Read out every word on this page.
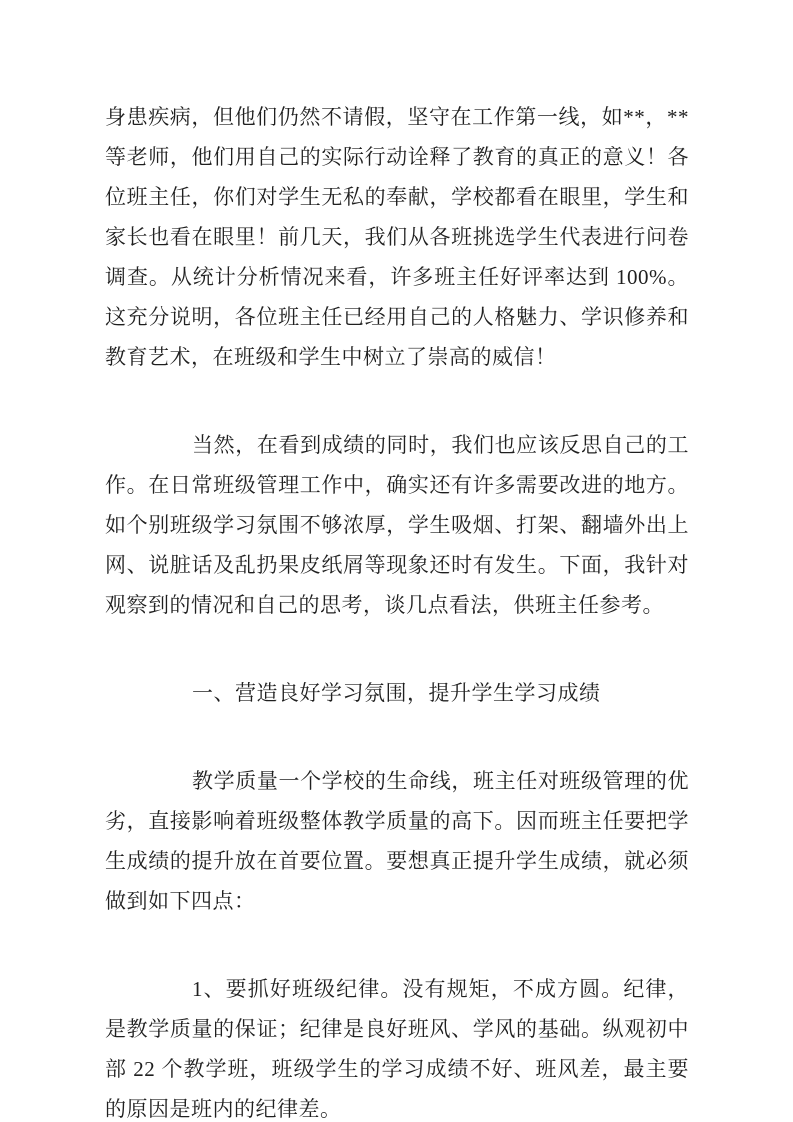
身患疾病，但他们仍然不请假，坚守在工作第一线，如**，**等老师，他们用自己的实际行动诠释了教育的真正的意义！各位班主任，你们对学生无私的奉献，学校都看在眼里，学生和家长也看在眼里！前几天，我们从各班挑选学生代表进行问卷调查。从统计分析情况来看，许多班主任好评率达到 100%。这充分说明，各位班主任已经用自己的人格魅力、学识修养和教育艺术，在班级和学生中树立了崇高的威信！

当然，在看到成绩的同时，我们也应该反思自己的工作。在日常班级管理工作中，确实还有许多需要改进的地方。如个别班级学习氛围不够浓厚，学生吸烟、打架、翻墙外出上网、说脏话及乱扔果皮纸屑等现象还时有发生。下面，我针对观察到的情况和自己的思考，谈几点看法，供班主任参考。

一、营造良好学习氛围，提升学生学习成绩

教学质量一个学校的生命线，班主任对班级管理的优劣，直接影响着班级整体教学质量的高下。因而班主任要把学生成绩的提升放在首要位置。要想真正提升学生成绩，就必须做到如下四点：

1、要抓好班级纪律。没有规矩，不成方圆。纪律，是教学质量的保证；纪律是良好班风、学风的基础。纵观初中部 22 个教学班，班级学生的学习成绩不好、班风差，最主要的原因是班内的纪律差。
